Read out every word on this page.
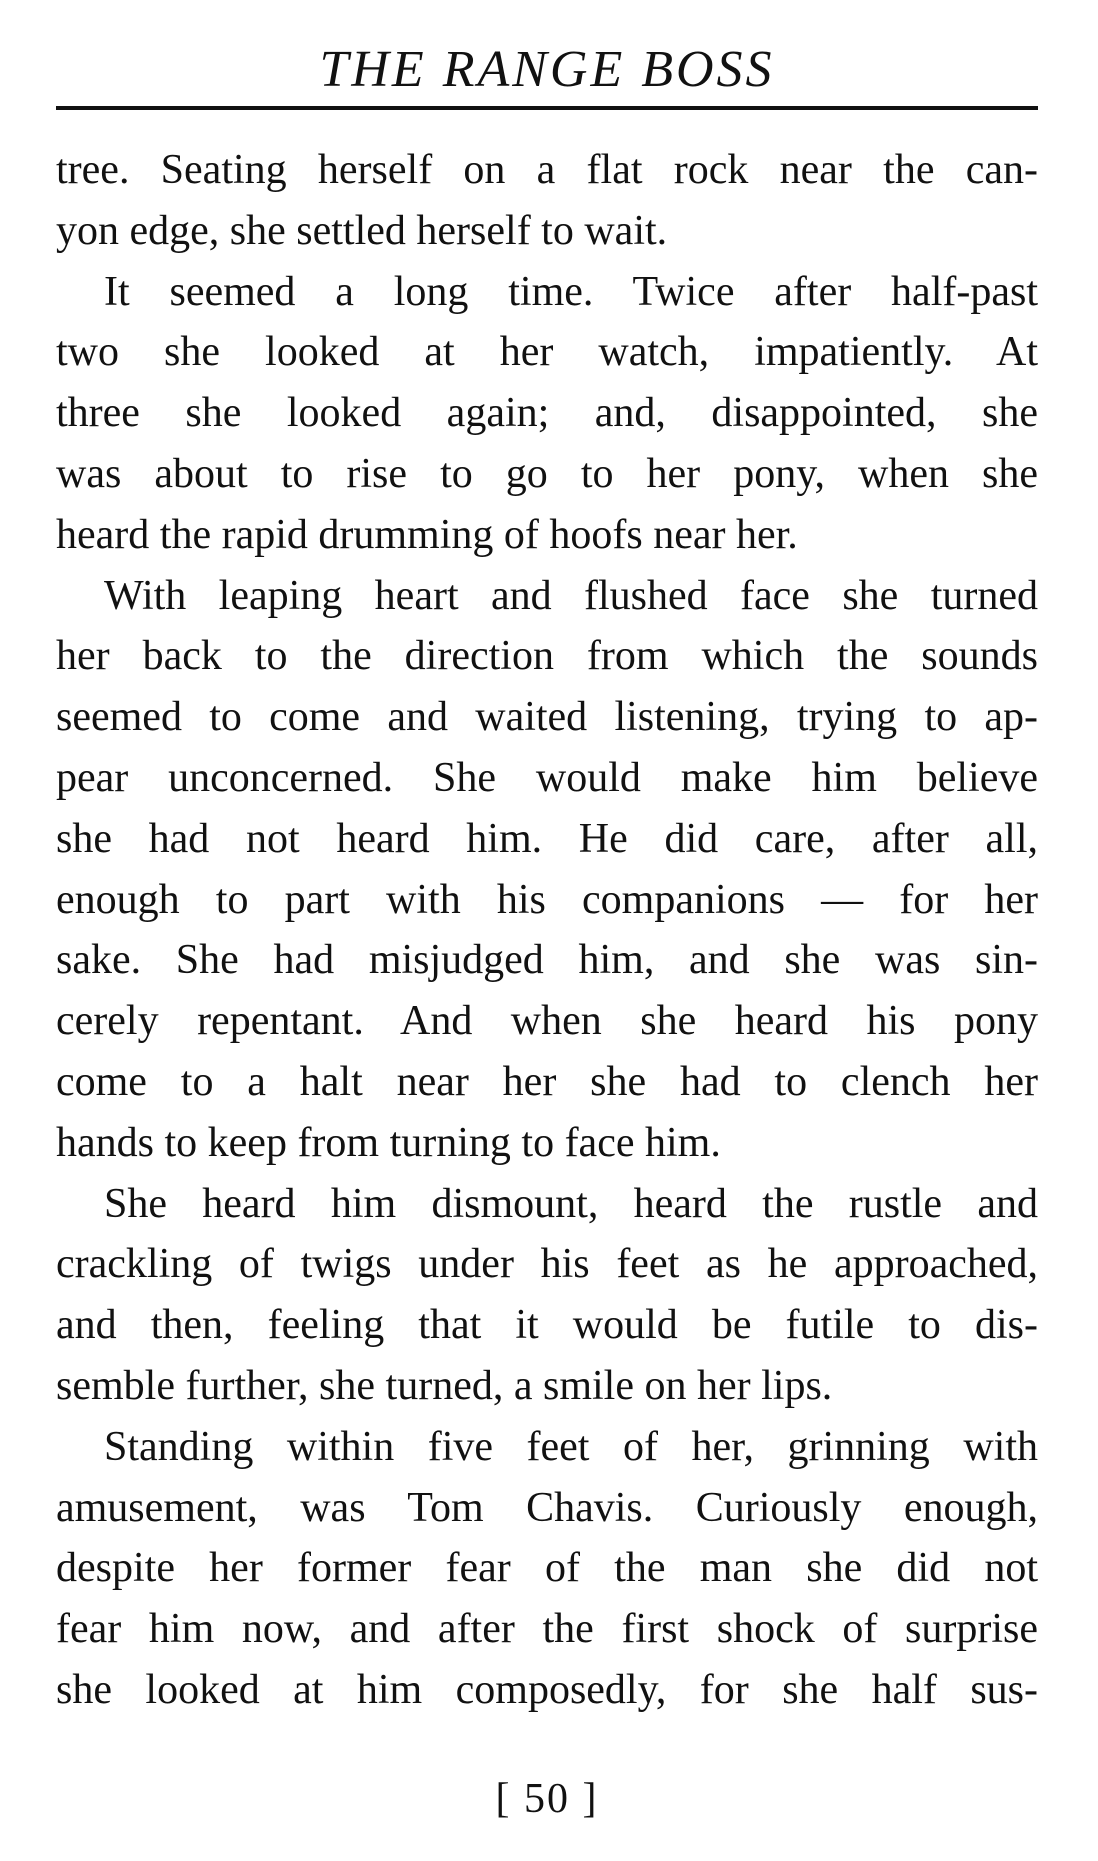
THE RANGE BOSS
tree. Seating herself on a flat rock near the can-
yon edge, she settled herself to wait.
It seemed a long time. Twice after half-past
two she looked at her watch, impatiently. At
three she looked again; and, disappointed, she
was about to rise to go to her pony, when she
heard the rapid drumming of hoofs near her.
With leaping heart and flushed face she turned
her back to the direction from which the sounds
seemed to come and waited listening, trying to ap-
pear unconcerned. She would make him believe
she had not heard him. He did care, after all,
enough to part with his companions — for her
sake. She had misjudged him, and she was sin-
cerely repentant. And when she heard his pony
come to a halt near her she had to clench her
hands to keep from turning to face him.
She heard him dismount, heard the rustle and
crackling of twigs under his feet as he approached,
and then, feeling that it would be futile to dis-
semble further, she turned, a smile on her lips.
Standing within five feet of her, grinning with
amusement, was Tom Chavis. Curiously enough,
despite her former fear of the man she did not
fear him now, and after the first shock of surprise
she looked at him composedly, for she half sus-
[ 50 ]
